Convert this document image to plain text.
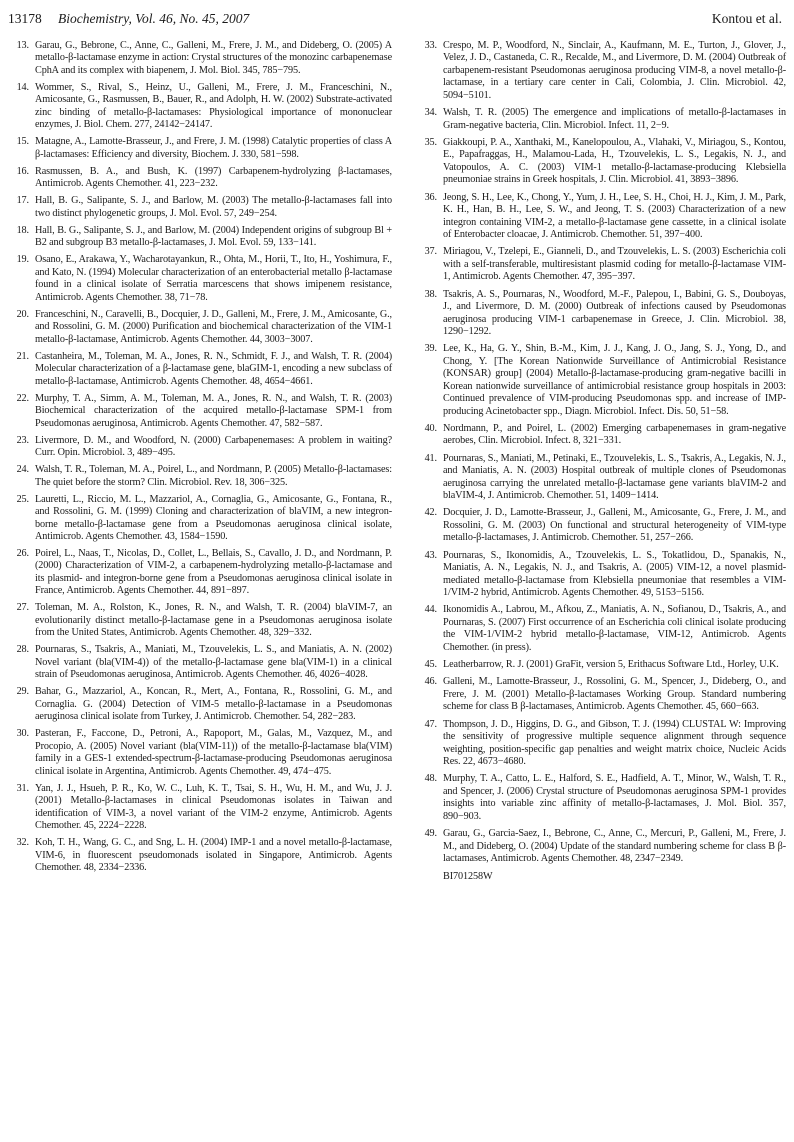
13178 Biochemistry, Vol. 46, No. 45, 2007	Kontou et al.
13. Garau, G., Bebrone, C., Anne, C., Galleni, M., Frere, J. M., and Dideberg, O. (2005) A metallo-β-lactamase enzyme in action: Crystal structures of the monozinc carbapenemase CphA and its complex with biapenem, J. Mol. Biol. 345, 785−795.
14. Wommer, S., Rival, S., Heinz, U., Galleni, M., Frere, J. M., Franceschini, N., Amicosante, G., Rasmussen, B., Bauer, R., and Adolph, H. W. (2002) Substrate-activated zinc binding of metallo-β-lactamases: Physiological importance of mononuclear enzymes, J. Biol. Chem. 277, 24142−24147.
15. Matagne, A., Lamotte-Brasseur, J., and Frere, J. M. (1998) Catalytic properties of class A β-lactamases: Efficiency and diversity, Biochem. J. 330, 581−598.
16. Rasmussen, B. A., and Bush, K. (1997) Carbapenem-hydrolyzing β-lactamases, Antimicrob. Agents Chemother. 41, 223−232.
17. Hall, B. G., Salipante, S. J., and Barlow, M. (2003) The metallo-β-lactamases fall into two distinct phylogenetic groups, J. Mol. Evol. 57, 249−254.
18. Hall, B. G., Salipante, S. J., and Barlow, M. (2004) Independent origins of subgroup Bl + B2 and subgroup B3 metallo-β-lactamases, J. Mol. Evol. 59, 133−141.
19. Osano, E., Arakawa, Y., Wacharotayankun, R., Ohta, M., Horii, T., Ito, H., Yoshimura, F., and Kato, N. (1994) Molecular characterization of an enterobacterial metallo β-lactamase found in a clinical isolate of Serratia marcescens that shows imipenem resistance, Antimicrob. Agents Chemother. 38, 71−78.
20. Franceschini, N., Caravelli, B., Docquier, J. D., Galleni, M., Frere, J. M., Amicosante, G., and Rossolini, G. M. (2000) Purification and biochemical characterization of the VIM-1 metallo-β-lactamase, Antimicrob. Agents Chemother. 44, 3003−3007.
21. Castanheira, M., Toleman, M. A., Jones, R. N., Schmidt, F. J., and Walsh, T. R. (2004) Molecular characterization of a β-lactamase gene, blaGIM-1, encoding a new subclass of metallo-β-lactamase, Antimicrob. Agents Chemother. 48, 4654−4661.
22. Murphy, T. A., Simm, A. M., Toleman, M. A., Jones, R. N., and Walsh, T. R. (2003) Biochemical characterization of the acquired metallo-β-lactamase SPM-1 from Pseudomonas aeruginosa, Antimicrob. Agents Chemother. 47, 582−587.
23. Livermore, D. M., and Woodford, N. (2000) Carbapenemases: A problem in waiting? Curr. Opin. Microbiol. 3, 489−495.
24. Walsh, T. R., Toleman, M. A., Poirel, L., and Nordmann, P. (2005) Metallo-β-lactamases: The quiet before the storm? Clin. Microbiol. Rev. 18, 306−325.
25. Lauretti, L., Riccio, M. L., Mazzariol, A., Cornaglia, G., Amicosante, G., Fontana, R., and Rossolini, G. M. (1999) Cloning and characterization of blaVIM, a new integron-borne metallo-β-lactamase gene from a Pseudomonas aeruginosa clinical isolate, Antimicrob. Agents Chemother. 43, 1584−1590.
26. Poirel, L., Naas, T., Nicolas, D., Collet, L., Bellais, S., Cavallo, J. D., and Nordmann, P. (2000) Characterization of VIM-2, a carbapenem-hydrolyzing metallo-β-lactamase and its plasmid- and integron-borne gene from a Pseudomonas aeruginosa clinical isolate in France, Antimicrob. Agents Chemother. 44, 891−897.
27. Toleman, M. A., Rolston, K., Jones, R. N., and Walsh, T. R. (2004) blaVIM-7, an evolutionarily distinct metallo-β-lactamase gene in a Pseudomonas aeruginosa isolate from the United States, Antimicrob. Agents Chemother. 48, 329−332.
28. Pournaras, S., Tsakris, A., Maniati, M., Tzouvelekis, L. S., and Maniatis, A. N. (2002) Novel variant (bla(VIM-4)) of the metallo-β-lactamase gene bla(VIM-1) in a clinical strain of Pseudomonas aeruginosa, Antimicrob. Agents Chemother. 46, 4026−4028.
29. Bahar, G., Mazzariol, A., Koncan, R., Mert, A., Fontana, R., Rossolini, G. M., and Cornaglia. G. (2004) Detection of VIM-5 metallo-β-lactamase in a Pseudomonas aeruginosa clinical isolate from Turkey, J. Antimicrob. Chemother. 54, 282−283.
30. Pasteran, F., Faccone, D., Petroni, A., Rapoport, M., Galas, M., Vazquez, M., and Procopio, A. (2005) Novel variant (bla(VIM-11)) of the metallo-β-lactamase bla(VIM) family in a GES-1 extended-spectrum-β-lactamase-producing Pseudomonas aeruginosa clinical isolate in Argentina, Antimicrob. Agents Chemother. 49, 474−475.
31. Yan, J. J., Hsueh, P. R., Ko, W. C., Luh, K. T., Tsai, S. H., Wu, H. M., and Wu, J. J. (2001) Metallo-β-lactamases in clinical Pseudomonas isolates in Taiwan and identification of VIM-3, a novel variant of the VIM-2 enzyme, Antimicrob. Agents Chemother. 45, 2224−2228.
32. Koh, T. H., Wang, G. C., and Sng, L. H. (2004) IMP-1 and a novel metallo-β-lactamase, VIM-6, in fluorescent pseudomonads isolated in Singapore, Antimicrob. Agents Chemother. 48, 2334−2336.
33. Crespo, M. P., Woodford, N., Sinclair, A., Kaufmann, M. E., Turton, J., Glover, J., Velez, J. D., Castaneda, C. R., Recalde, M., and Livermore, D. M. (2004) Outbreak of carbapenem-resistant Pseudomonas aeruginosa producing VIM-8, a novel metallo-β-lactamase, in a tertiary care center in Cali, Colombia, J. Clin. Microbiol. 42, 5094−5101.
34. Walsh, T. R. (2005) The emergence and implications of metallo-β-lactamases in Gram-negative bacteria, Clin. Microbiol. Infect. 11, 2−9.
35. Giakkoupi, P. A., Xanthaki, M., Kanelopoulou, A., Vlahaki, V., Miriagou, S., Kontou, E., Papafraggas, H., Malamou-Lada, H., Tzouvelekis, L. S., Legakis, N. J., and Vatopoulos, A. C. (2003) VIM-1 metallo-β-lactamase-producing Klebsiella pneumoniae strains in Greek hospitals, J. Clin. Microbiol. 41, 3893−3896.
36. Jeong, S. H., Lee, K., Chong, Y., Yum, J. H., Lee, S. H., Choi, H. J., Kim, J. M., Park, K. H., Han, B. H., Lee, S. W., and Jeong, T. S. (2003) Characterization of a new integron containing VIM-2, a metallo-β-lactamase gene cassette, in a clinical isolate of Enterobacter cloacae, J. Antimicrob. Chemother. 51, 397−400.
37. Miriagou, V., Tzelepi, E., Gianneli, D., and Tzouvelekis, L. S. (2003) Escherichia coli with a self-transferable, multiresistant plasmid coding for metallo-β-lactamase VIM-1, Antimicrob. Agents Chemother. 47, 395−397.
38. Tsakris, A. S., Pournaras, N., Woodford, M.-F., Palepou, I., Babini, G. S., Douboyas, J., and Livermore, D. M. (2000) Outbreak of infections caused by Pseudomonas aeruginosa producing VIM-1 carbapenemase in Greece, J. Clin. Microbiol. 38, 1290−1292.
39. Lee, K., Ha, G. Y., Shin, B.-M., Kim, J. J., Kang, J. O., Jang, S. J., Yong, D., and Chong, Y. [The Korean Nationwide Surveillance of Antimicrobial Resistance (KONSAR) group] (2004) Metallo-β-lactamase-producing gram-negative bacilli in Korean nationwide surveillance of antimicrobial resistance group hospitals in 2003: Continued prevalence of VIM-producing Pseudomonas spp. and increase of IMP-producing Acinetobacter spp., Diagn. Microbiol. Infect. Dis. 50, 51−58.
40. Nordmann, P., and Poirel, L. (2002) Emerging carbapenemases in gram-negative aerobes, Clin. Microbiol. Infect. 8, 321−331.
41. Pournaras, S., Maniati, M., Petinaki, E., Tzouvelekis, L. S., Tsakris, A., Legakis, N. J., and Maniatis, A. N. (2003) Hospital outbreak of multiple clones of Pseudomonas aeruginosa carrying the unrelated metallo-β-lactamase gene variants blaVIM-2 and blaVIM-4, J. Antimicrob. Chemother. 51, 1409−1414.
42. Docquier, J. D., Lamotte-Brasseur, J., Galleni, M., Amicosante, G., Frere, J. M., and Rossolini, G. M. (2003) On functional and structural heterogeneity of VIM-type metallo-β-lactamases, J. Antimicrob. Chemother. 51, 257−266.
43. Pournaras, S., Ikonomidis, A., Tzouvelekis, L. S., Tokatlidou, D., Spanakis, N., Maniatis, A. N., Legakis, N. J., and Tsakris, A. (2005) VIM-12, a novel plasmid-mediated metallo-β-lactamase from Klebsiella pneumoniae that resembles a VIM-1/VIM-2 hybrid, Antimicrob. Agents Chemother. 49, 5153−5156.
44. Ikonomidis A., Labrou, M., Afkou, Z., Maniatis, A. N., Sofianou, D., Tsakris, A., and Pournaras, S. (2007) First occurrence of an Escherichia coli clinical isolate producing the VIM-1/VIM-2 hybrid metallo-β-lactamase, VIM-12, Antimicrob. Agents Chemother. (in press).
45. Leatherbarrow, R. J. (2001) GraFit, version 5, Erithacus Software Ltd., Horley, U.K.
46. Galleni, M., Lamotte-Brasseur, J., Rossolini, G. M., Spencer, J., Dideberg, O., and Frere, J. M. (2001) Metallo-β-lactamases Working Group. Standard numbering scheme for class B β-lactamases, Antimicrob. Agents Chemother. 45, 660−663.
47. Thompson, J. D., Higgins, D. G., and Gibson, T. J. (1994) CLUSTAL W: Improving the sensitivity of progressive multiple sequence alignment through sequence weighting, position-specific gap penalties and weight matrix choice, Nucleic Acids Res. 22, 4673−4680.
48. Murphy, T. A., Catto, L. E., Halford, S. E., Hadfield, A. T., Minor, W., Walsh, T. R., and Spencer, J. (2006) Crystal structure of Pseudomonas aeruginosa SPM-1 provides insights into variable zinc affinity of metallo-β-lactamases, J. Mol. Biol. 357, 890−903.
49. Garau, G., Garcia-Saez, I., Bebrone, C., Anne, C., Mercuri, P., Galleni, M., Frere, J. M., and Dideberg, O. (2004) Update of the standard numbering scheme for class B β-lactamases, Antimicrob. Agents Chemother. 48, 2347−2349.
BI701258W
